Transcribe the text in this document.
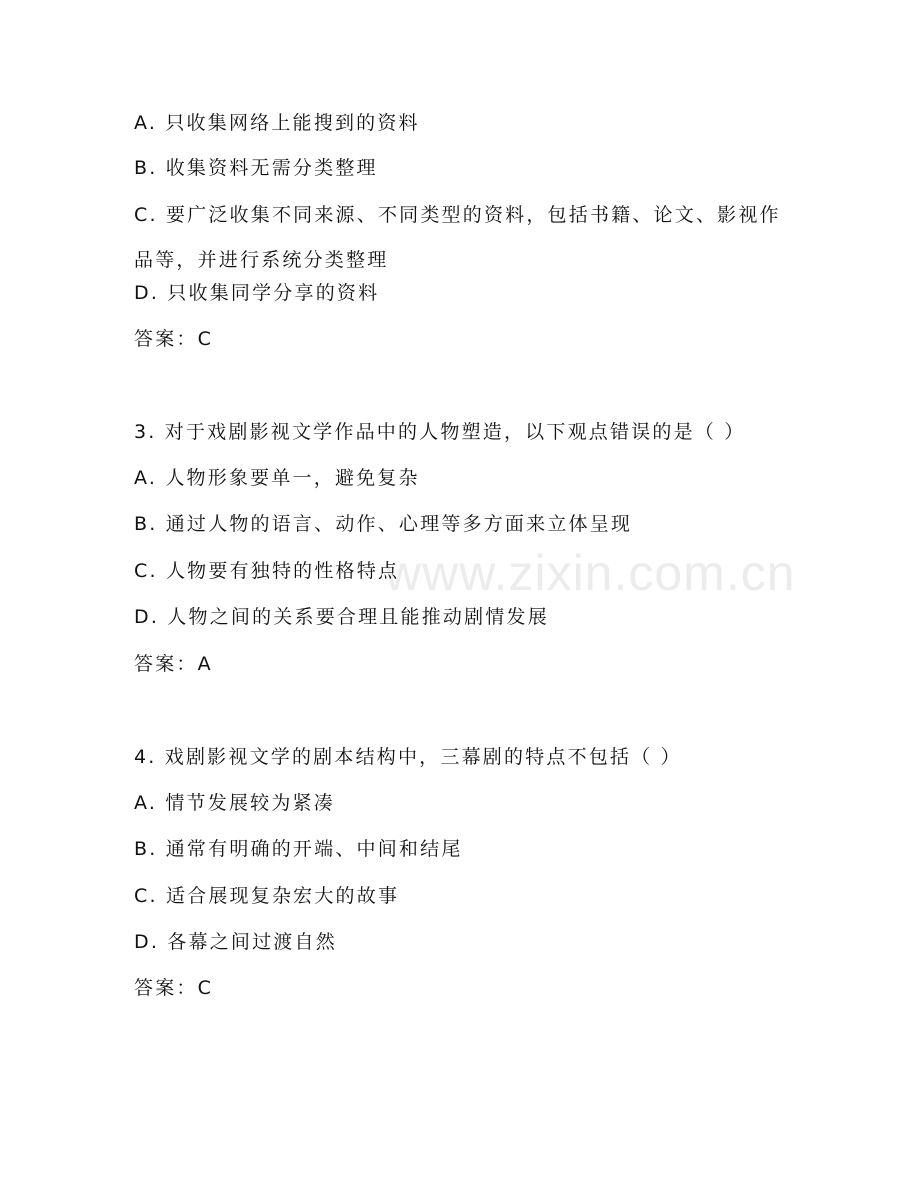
www.zixin.com.cn
A. 只收集网络上能搜到的资料
B. 收集资料无需分类整理
C. 要广泛收集不同来源、不同类型的资料，包括书籍、论文、影视作品等，并进行系统分类整理
D. 只收集同学分享的资料
答案：C
3. 对于戏剧影视文学作品中的人物塑造，以下观点错误的是（ ）
A. 人物形象要单一，避免复杂
B. 通过人物的语言、动作、心理等多方面来立体呈现
C. 人物要有独特的性格特点
D. 人物之间的关系要合理且能推动剧情发展
答案：A
4. 戏剧影视文学的剧本结构中，三幕剧的特点不包括（ ）
A. 情节发展较为紧凑
B. 通常有明确的开端、中间和结尾
C. 适合展现复杂宏大的故事
D. 各幕之间过渡自然
答案：C
